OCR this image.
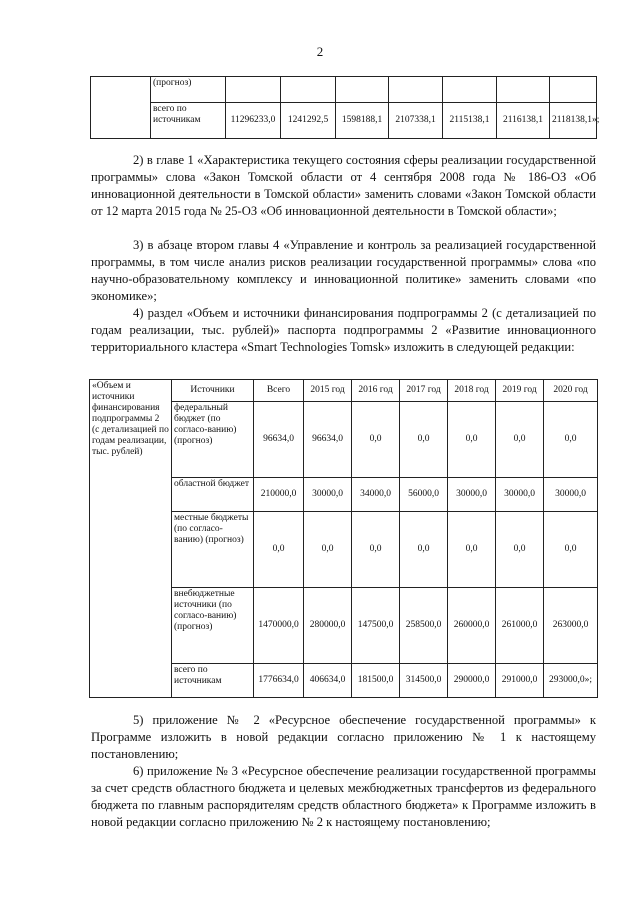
2
	(прогноз)							
	всего по источникам	11296233,0	1241292,5	1598188,1	2107338,1	2115138,1	2116138,1	2118138,1»;
2) в главе 1 «Характеристика текущего состояния сферы реализации государственной программы» слова «Закон Томской области от 4 сентября 2008 года № 186-ОЗ «Об инновационной деятельности в Томской области» заменить словами «Закон Томской области от 12 марта 2015 года № 25-ОЗ «Об инновационной деятельности в Томской области»;
3) в абзаце втором главы 4 «Управление и контроль за реализацией государственной программы, в том числе анализ рисков реализации государственной программы» слова «по научно-образовательному комплексу и инновационной политике» заменить словами «по экономике»;
4) раздел «Объем и источники финансирования подпрограммы 2 (с детализацией по годам реализации, тыс. рублей)» паспорта подпрограммы 2 «Развитие инновационного территориального кластера «Smart Technologies Tomsk» изложить в следующей редакции:
«Объем и источники финансирования подпрограммы 2 (с детализацией по годам реализации, тыс. рублей)	Источники	Всего	2015 год	2016 год	2017 год	2018 год	2019 год	2020 год
	федеральный бюджет (по согласо-ванию) (прогноз)	96634,0	96634,0	0,0	0,0	0,0	0,0	0,0
	областной бюджет	210000,0	30000,0	34000,0	56000,0	30000,0	30000,0	30000,0
	местные бюджеты (по согласо-ванию) (прогноз)	0,0	0,0	0,0	0,0	0,0	0,0	0,0
	внебюджетные источники (по согласо-ванию) (прогноз)	1470000,0	280000,0	147500,0	258500,0	260000,0	261000,0	263000,0
	всего по источникам	1776634,0	406634,0	181500,0	314500,0	290000,0	291000,0	293000,0»;
5) приложение № 2 «Ресурсное обеспечение государственной программы» к Программе изложить в новой редакции согласно приложению № 1 к настоящему постановлению;
6) приложение № 3 «Ресурсное обеспечение реализации государственной программы за счет средств областного бюджета и целевых межбюджетных трансфертов из федерального бюджета по главным распорядителям средств областного бюджета» к Программе изложить в новой редакции согласно приложению № 2 к настоящему постановлению;
